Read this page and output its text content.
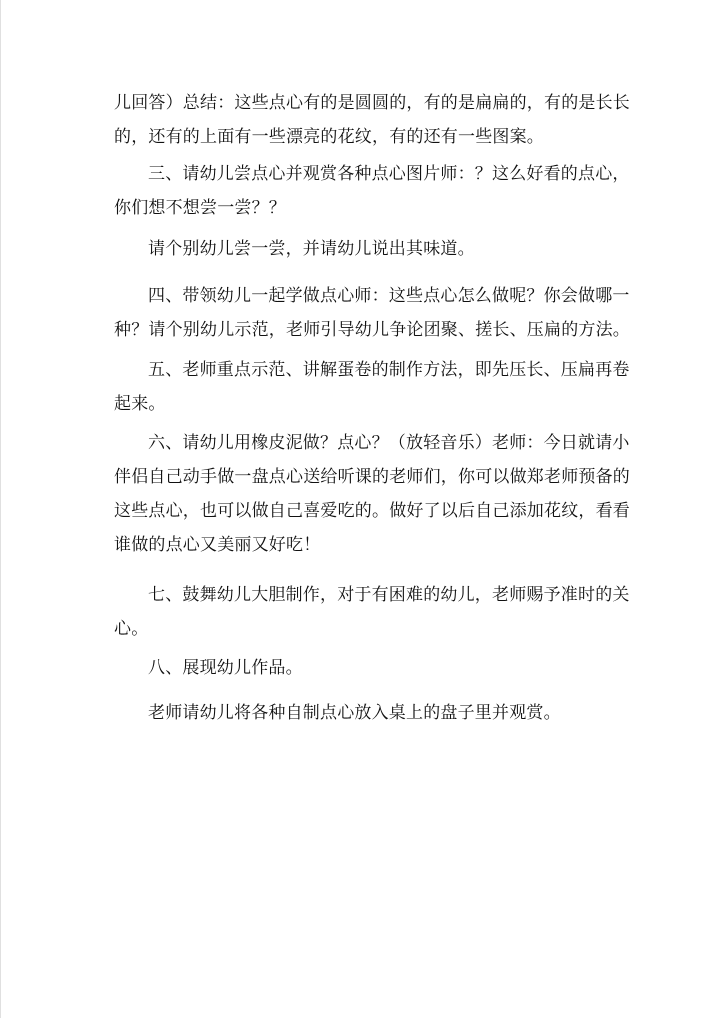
儿回答）总结：这些点心有的是圆圆的，有的是扁扁的，有的是长长
的，还有的上面有一些漂亮的花纹，有的还有一些图案。

三、请幼儿尝点心并观赏各种点心图片师：？这么好看的点心，
你们想不想尝一尝？？

请个别幼儿尝一尝，并请幼儿说出其味道。

四、带领幼儿一起学做点心师：这些点心怎么做呢？你会做哪一
种？请个别幼儿示范，老师引导幼儿争论团聚、搓长、压扁的方法。

五、老师重点示范、讲解蛋卷的制作方法，即先压长、压扁再卷
起来。

六、请幼儿用橡皮泥做？点心？（放轻音乐）老师：今日就请小
伴侣自己动手做一盘点心送给听课的老师们，你可以做郑老师预备的
这些点心，也可以做自己喜爱吃的。做好了以后自己添加花纹，看看
谁做的点心又美丽又好吃！

七、鼓舞幼儿大胆制作，对于有困难的幼儿，老师赐予准时的关
心。

八、展现幼儿作品。

老师请幼儿将各种自制点心放入桌上的盘子里并观赏。
